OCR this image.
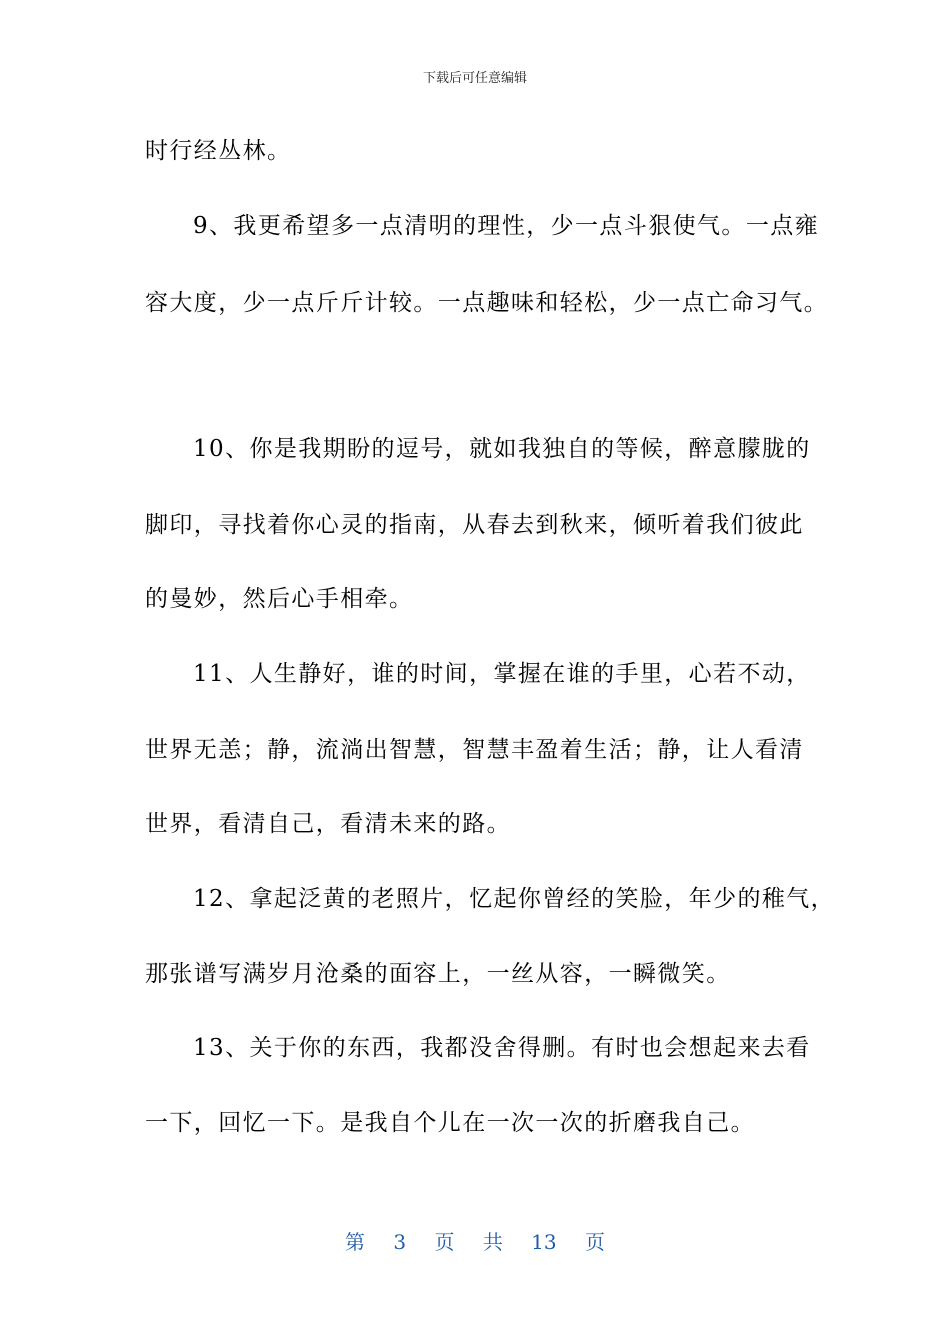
下载后可任意编辑
时行经丛林。
9、我更希望多一点清明的理性，少一点斗狠使气。一点雍
容大度，少一点斤斤计较。一点趣味和轻松，少一点亡命习气。
10、你是我期盼的逗号，就如我独自的等候，醉意朦胧的
脚印，寻找着你心灵的指南，从春去到秋来，倾听着我们彼此
的曼妙，然后心手相牵。
11、人生静好，谁的时间，掌握在谁的手里，心若不动，
世界无恙；静，流淌出智慧，智慧丰盈着生活；静，让人看清
世界，看清自己，看清未来的路。
12、拿起泛黄的老照片，忆起你曾经的笑脸，年少的稚气，
那张谱写满岁月沧桑的面容上，一丝从容，一瞬微笑。
13、关于你的东西，我都没舍得删。有时也会想起来去看
一下，回忆一下。是我自个儿在一次一次的折磨我自己。
第 3 页 共 13 页
